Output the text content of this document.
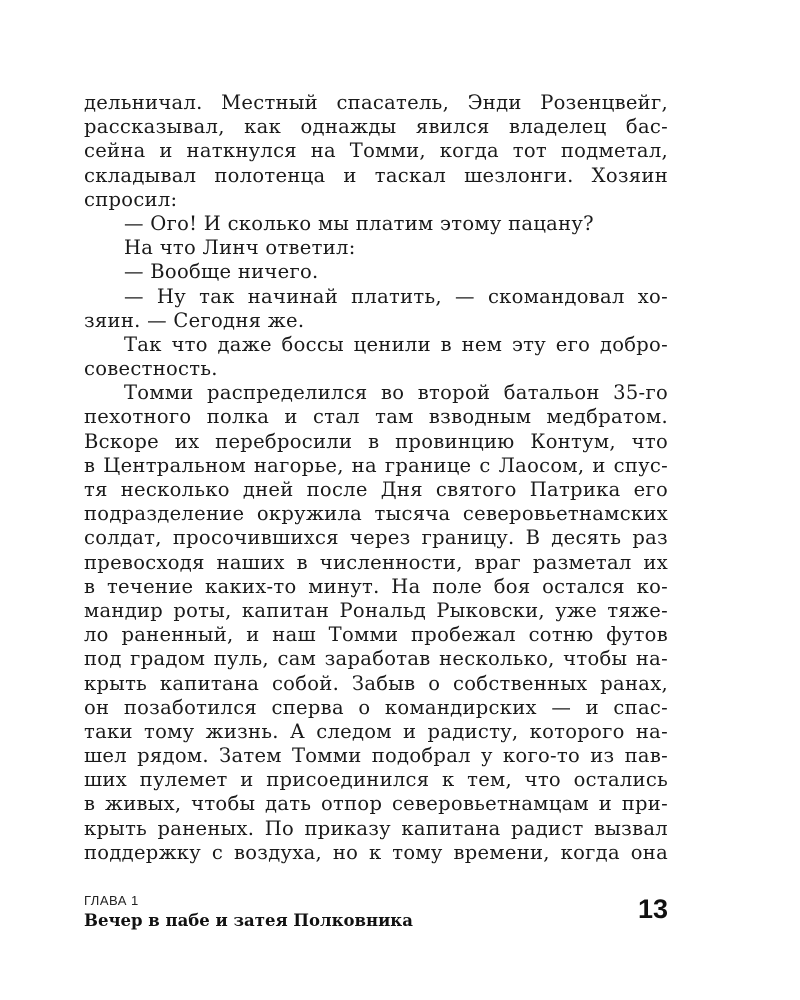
дельничал. Местный спасатель, Энди Розенцвейг,
рассказывал, как однажды явился владелец бас-
сейна и наткнулся на Томми, когда тот подметал,
складывал полотенца и таскал шезлонги. Хозяин
спросил:
— Ого! И сколько мы платим этому пацану?
На что Линч ответил:
— Вообще ничего.
— Ну так начинай платить, — скомандовал хо-
зяин. — Сегодня же.
Так что даже боссы ценили в нем эту его добро-
совестность.
Томми распределился во второй батальон 35-го
пехотного полка и стал там взводным медбратом.
Вскоре их перебросили в провинцию Контум, что
в Центральном нагорье, на границе с Лаосом, и спус-
тя несколько дней после Дня святого Патрика его
подразделение окружила тысяча северовьетнамских
солдат, просочившихся через границу. В десять раз
превосходя наших в численности, враг разметал их
в течение каких-то минут. На поле боя остался ко-
мандир роты, капитан Рональд Рыковски, уже тяже-
ло раненный, и наш Томми пробежал сотню футов
под градом пуль, сам заработав несколько, чтобы на-
крыть капитана собой. Забыв о собственных ранах,
он позаботился сперва о командирских — и спас-
таки тому жизнь. А следом и радисту, которого на-
шел рядом. Затем Томми подобрал у кого-то из пав-
ших пулемет и присоединился к тем, что остались
в живых, чтобы дать отпор северовьетнамцам и при-
крыть раненых. По приказу капитана радист вызвал
поддержку с воздуха, но к тому времени, когда она
ГЛАВА 1
Вечер в пабе и затея Полковника	13
